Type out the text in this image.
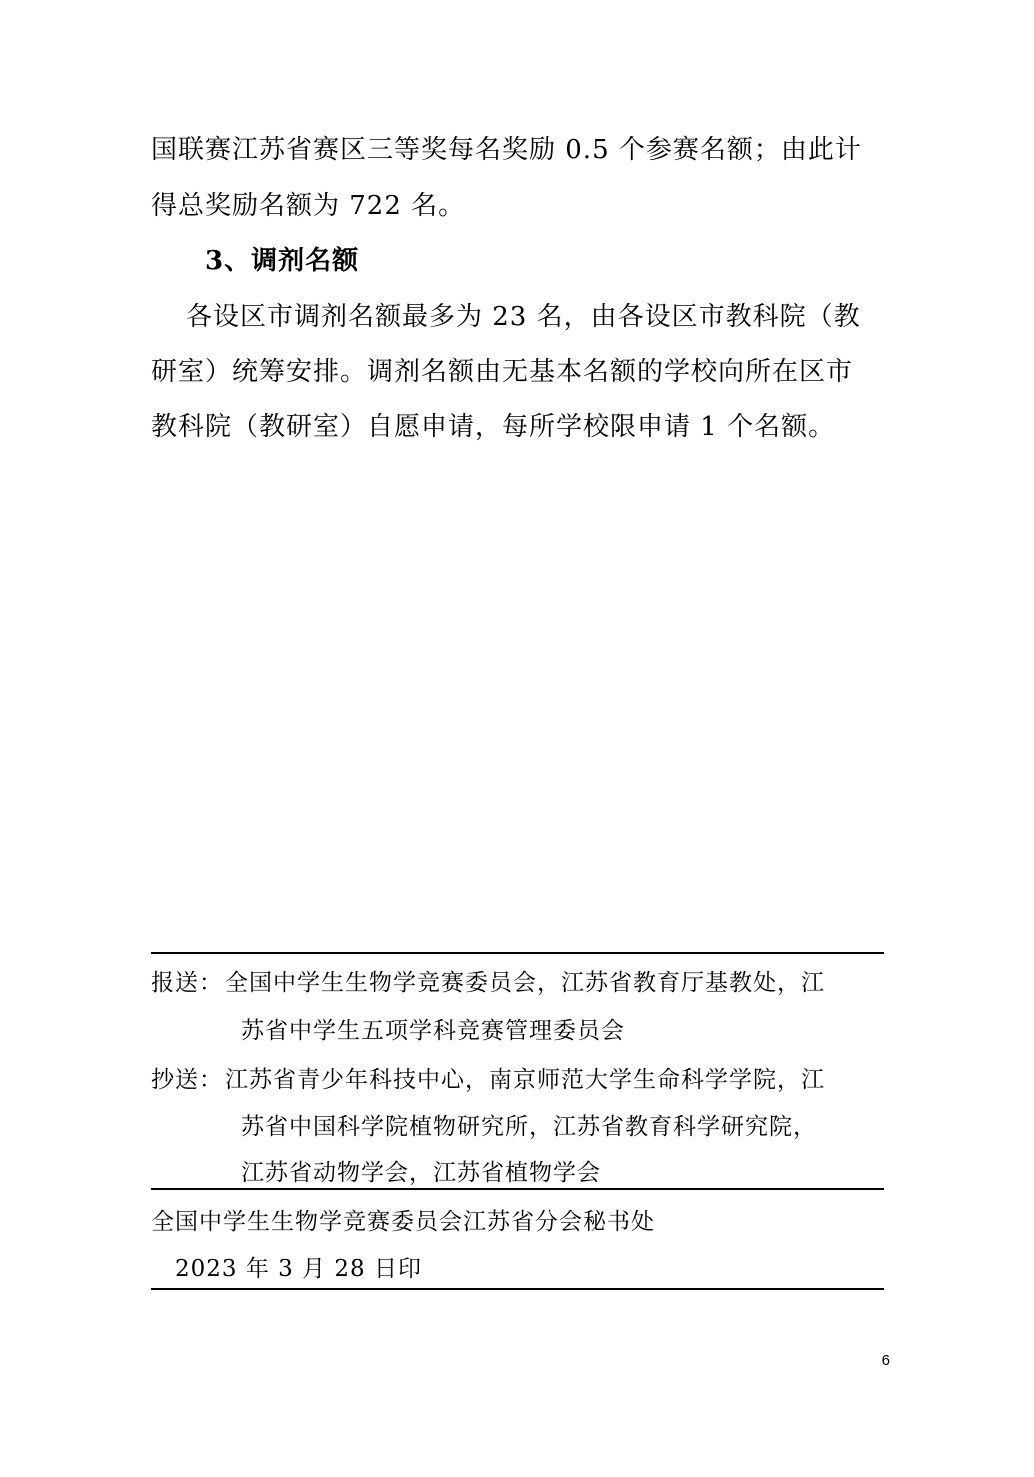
国联赛江苏省赛区三等奖每名奖励 0.5 个参赛名额；由此计
得总奖励名额为 722 名。
3、调剂名额
各设区市调剂名额最多为 23 名，由各设区市教科院（教
研室）统筹安排。调剂名额由无基本名额的学校向所在区市
教科院（教研室）自愿申请，每所学校限申请 1 个名额。
报送： 全国中学生生物学竞赛委员会，江苏省教育厅基教处，江
苏省中学生五项学科竞赛管理委员会
抄送： 江苏省青少年科技中心，南京师范大学生命科学学院，江
苏省中国科学院植物研究所，江苏省教育科学研究院，
江苏省动物学会，江苏省植物学会
全国中学生生物学竞赛委员会江苏省分会秘书处
2023 年 3 月 28 日印
6
